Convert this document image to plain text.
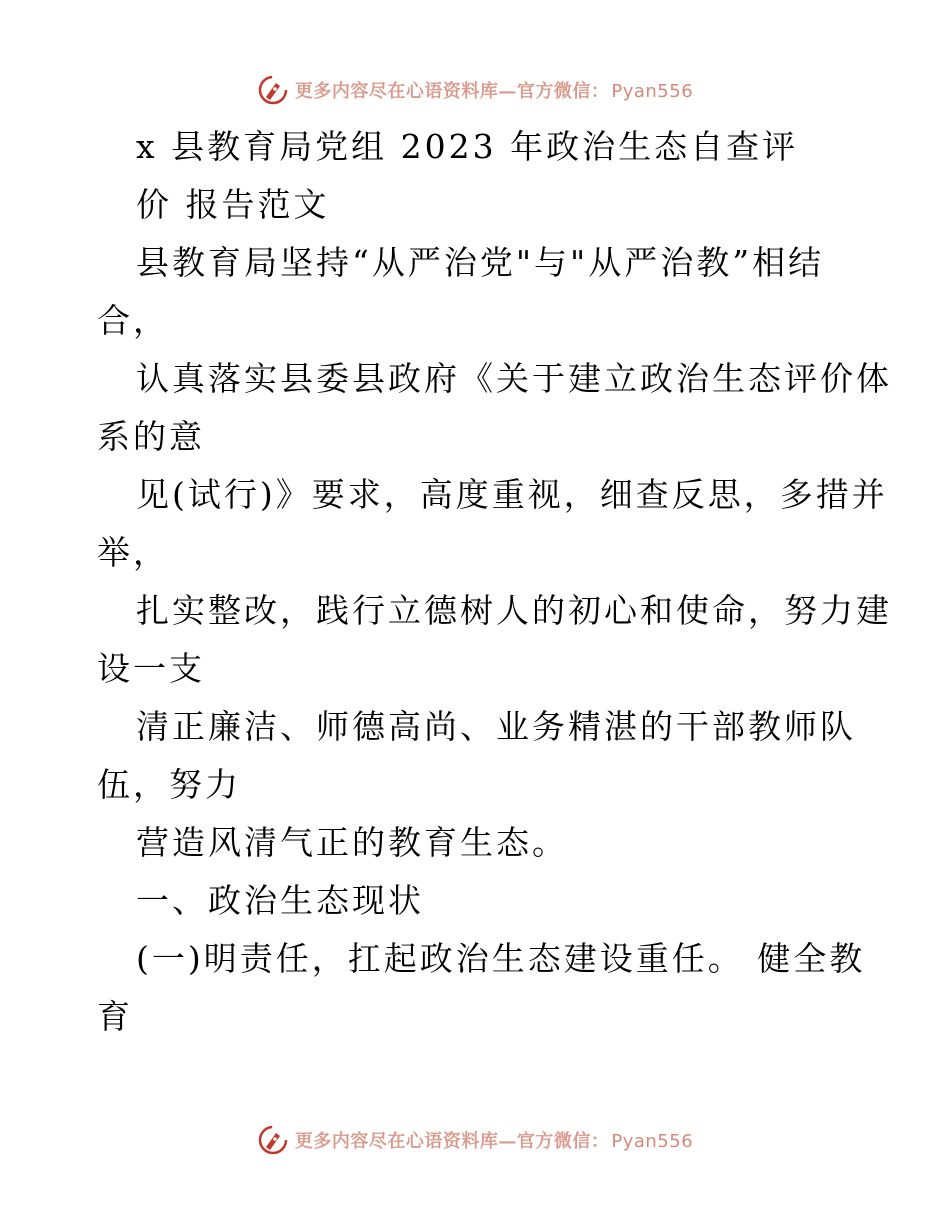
更多内容尽在心语资料库—官方微信： Pyan556
x 县教育局党组 2023 年政治生态自查评
价 报告范文
县教育局坚持“从严治党"与"从严治教”相结
合，
认真落实县委县政府《关于建立政治生态评价体
系的意
见(试行)》要求，高度重视，细查反思，多措并
举，
扎实整改，践行立德树人的初心和使命，努力建
设一支
清正廉洁、师德高尚、业务精湛的干部教师队
伍，努力
营造风清气正的教育生态。
一、政治生态现状
(一)明责任，扛起政治生态建设重任。 健全教
育
更多内容尽在心语资料库—官方微信： Pyan556
